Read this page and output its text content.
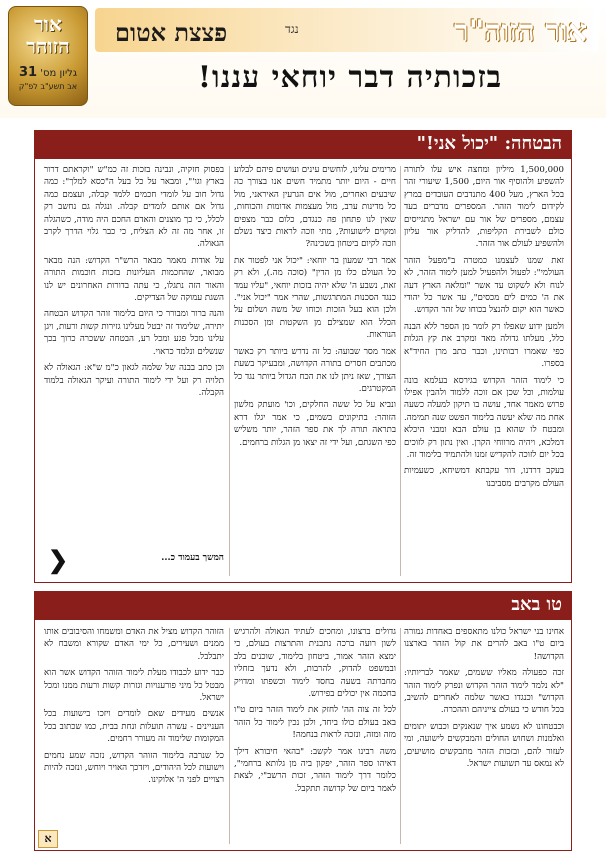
אור הזוהר
גליון מס' 31
אב תשע"ב לפ"ק
אור הזוה"ר
נגד
פצצת אטום
בזכותיה דבר יוחאי עננו!
הבטחה: "יכול אני!"

1,500,000 מיליון ומחצה איש עלו לתורה להשפיע ולהוסיף אור היום, 1,500 שיעורי זהר בכל הארץ, מעל 400 מתנדבים העובדים במרץ לקידום לימוד הזהר. המספרים מדברים בעד עצמם, מספרים של אור עם ישראל מתגייסים כולם לשבירת הקליפות, להדליק אור עליון ולהשפיע לעולם אור הזהר.

זאת שמנו לעצמנו כמטרה ב"מפעל הזהר העולמי": לפעול ולהפעיל למען לימוד הזהר, לא לנוח ולא לשקוט עד אשר "ומלאה הארץ דעה את ה' כמים לים מכסים", עד אשר כל יהודי כאשר הוא יקום להנצל בכוחו של זהר הקדוש.

ולמען ידוע שאפלו רק לומר מן הספר ללא הבנה כלל, מעלתו גדולה מאד ומקרב את קץ הגלות כפי שאמרו רבותינו, וכבר כתב מרן החיד"א בספרו.

כי לימוד הזהר הקדוש בגירסא בעלמא בונה עולמות, וכל שכן אם זוכה ללמוד ולהבין אפילו פרוש מאמר אחד, עושה בו תיקון למעלה כשעה אחת מה שלא יעשה בלימוד הפשט שנה תמימה. ומבטח לו שהוא בן עולם הבא ומבני היכלא דמלכא, ויהיה מרווחי הקרן. ואין נתון רק לזוכים בכל יום לזוכה להקדיש זמנו ולהתמיד בלימוד זה.

בעקב דרדנו, דור עקבתא דמשיחא, כשעמיות העולם מקרבים מסביבנו

מרימים עלינו, לוחשים עינים ועושים פיהם לבלוע חיים - היום יותר מתמיד חשים אנו בצורך כה שיבעים ואחרים, מול אים הגרעין האיראני, מול כל מדינות ערב, מול מעצמות אדומות והכוחות, שאין לנו פתחון פה כנגדם, כלום כבר מצפים ומקוים לישועות?, מתי וזכה לראות כיצד נשלם וזכה לקיום ביטחון בשכינה?

אמר רבי שמעון בר יוחאי: "יכול אני לפטור את כל העולם כלו מן הדין" (סוכה מה.), ולא רק זאת, נשבע ה' שלא יהיה בזכות יוחאי, "עליו עמד כנגד הסכנות המתרגשות, שהרי אמר "יכול אני". ולכן הוא בעל הזכות וכוחו של משה ושלום על הכלל הוא שמצילם מן השקטות ומן הסכנות הנוראות.

אמר מסר שבועה: כל זה נדרש ביותר רק כאשר מכתבים חסרים בתורה הקדושה, ומבעיקר בשעת הצורך, שאז ניתן לנו את הכח הגדול ביותר נגד כל המקטרגים.

ונביא על כל ששה החלקים, וכו' מועתק מלשון הזוהר: בתיקונים בשמים, כי אמר יגלו דרא בתראה תורה לך את ספר הזהר, יותר משליש כפי השגתם, ועל ידי זה יצאו מן הגלות ברחמים.

בפסוק חזקיה, ונבינה בזכות זה כמ"ש "וקראתם דרור בארץ וגו'", ומבאר על כל בעל ה"כסא למלך": כמה גדול חוב על לומדי חכמים ללמד קבלה, ועצמם כמה גדול אם אותם לומדים קבלה. ונגלה גם נחשב רק לכלל, כי כך מוצנים והאדם החכם היה מודה, כשהגלה זו, אחר מה זה לא הצליח, כי כבר גלוי הדרך לקרב הגאולה.

על אודות מאמר מבאר הרש"ר הקדוש: הנה מבאר מבואר, שהחכמות העליונות בזכות חוכמות התורה והאור הזה נתגלו, כי עתה בדורות האחרונים יש לנו השגת עמוקה של הצדיקים.

והנה ברור ומבורר כי היום בלימוד זוהר הקדוש הבטחה יתירה, שלימוד זה יבטל מעלינו גזירות קשות ורעות, ויגן עלינו מכל פגע ומכל רע, הבטחה ששכרה כרוך בכך שנשלים ונלמד כראוי.

וכן כתב בבנה של שלמה לגאון כ"מ ש"א: הגאולה לא תלויה רק ועל ידי לימוד התורה ועיקר הגאולה בלמוד הקבלה.

❮	המשך בעמוד כ...
טו באב

אחינו בני ישראל כולנו מתאספים באחדות גמורה ביום ט"ו באב להרים את קול הזהר בארצנו הקדושה!

זכה כפעולה מאליו ששמים, שאמר לבריותיו: "לא נלמד לימוד הזהר הקדוש ונפרק לימוד הזהר הקדוש" וכנגדו כאשר שלמה לאחרים להשיב, בכל חודש כי בעולם צייניהם וההכרה.

וכבטחונו לא נשמע איך שנאנקים וכבוש יתומים ואלמנות ושחוש החולים והמבקשים לישועה, ומי לעזור להם, ובזכות הזהר מתבקשים מושיעים, לא נמאס עד תשועות ישראל.

גדולים ברצונו, ומחכים לעתיד הגאולה ולהרגיש לשון רועה ברכה נתכנית והתרצות בעולם, כי ימצא הזהר אמור, ביטחון בלימוד, שוכנים בלב ובמשפט להדוק, להרבות, ולא נדעך בזחליו מחברתה בשעה בחסד לימוד וכשפתו ומדויק בחכמה אין יכולים בפירוש.

לכל זה צוה הה' לחזק את לימוד הזהר ביום ט"ו באב בעולם כולו ביחד, ולכן נכין לימוד כל הזהר מזה ומזה, ונזכה לראות בנחמה!

משה רבינו אמר לקשב: "בהאי חיבורא דילך דאיהו ספר הזהר, יפקון ביה מן גלותא ברחמי", כלומר דרך לימוד הזהר, זכות הרשב"י, לצאת לאמר ביום של קדושה תתקבל.

הזוהר הקדוש מציל את האדם ומשמחו והסיבובים אותו ממנים ושעירים, כל ימי האדם שקורא ומשבח לא יתבלבל.

כבר ידוע לכבודו מעלת לימוד הזוהר הקדוש אשר הוא מבטל כל מיני פורענויות וגזרות קשות ורעות ממנו ומכל ישראל.

אנשים מעידים שאם לומדים ויזכו בישועות בכל העניינים - עשרה תועלות ונחת בבית, כמו שכתוב בכל המקומות שלימוד זה מעורר רחמים.

כל שנרבה בלימוד הזוהר הקדוש, נזכה שמע נחמים וישועות לכל היהודים, ויזדכך האויר ויוחש, ונזכה להיות רצויים לפני ה' אלוקינו.

א
